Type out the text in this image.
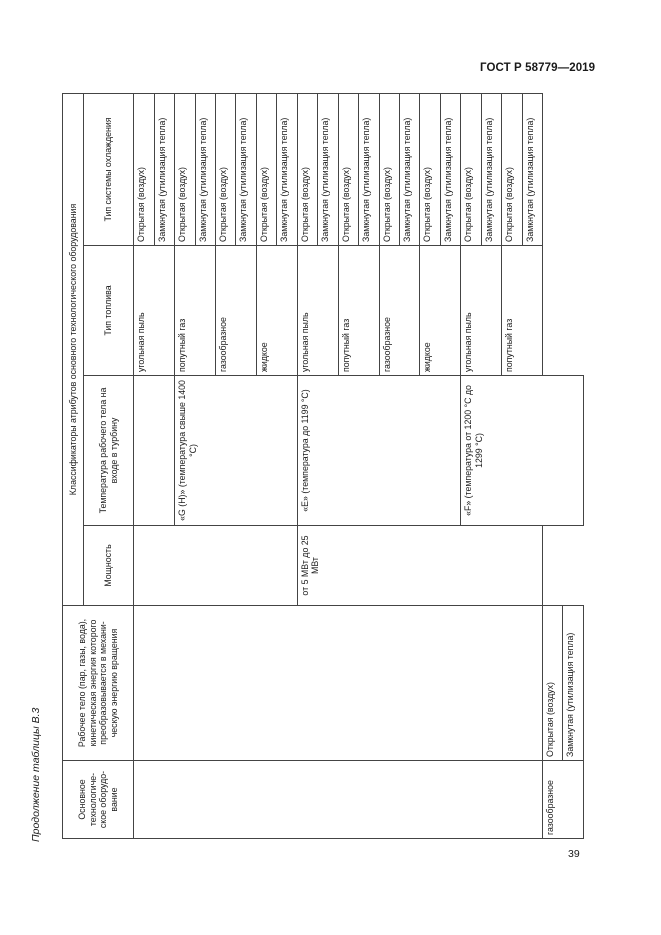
ГОСТ Р 58779—2019
Продолжение таблицы В.3	Основное технологиче-ское оборудо-вание	Рабочее тело (пар, газы, вода), кинетическая энергия которого преобразовывается в механи-ческую энергию вращения	Классификаторы атрибутов основного технологического оборудования			
		Мощность	Температура рабочего тела на входе в турбину	Тип топлива	Тип системы охлаждения
				угольная пыль	Открытая (воздух)
					Замкнутая (утилизация тепла)
			«G (H)» (температура свыше 1400 °С)	попутный газ	Открытая (воздух)
					Замкнутая (утилизация тепла)
				газообразное	Открытая (воздух)
					Замкнутая (утилизация тепла)
				жидкое	Открытая (воздух)
					Замкнутая (утилизация тепла)
		от 5 МВт до 25 МВт	«E» (температура до 1199 °С)	угольная пыль	Открытая (воздух)
					Замкнутая (утилизация тепла)
				попутный газ	Открытая (воздух)
					Замкнутая (утилизация тепла)
				газообразное	Открытая (воздух)
					Замкнутая (утилизация тепла)
				жидкое	Открытая (воздух)
					Замкнутая (утилизация тепла)
			«F» (температура от 1200 °С до 1299 °С)	угольная пыль	Открытая (воздух)
					Замкнутая (утилизация тепла)
				попутный газ	Открытая (воздух)
					Замкнутая (утилизация тепла)
газообразное	Открытая (воздух)				
	Замкнутая (утилизация тепла)				
39
